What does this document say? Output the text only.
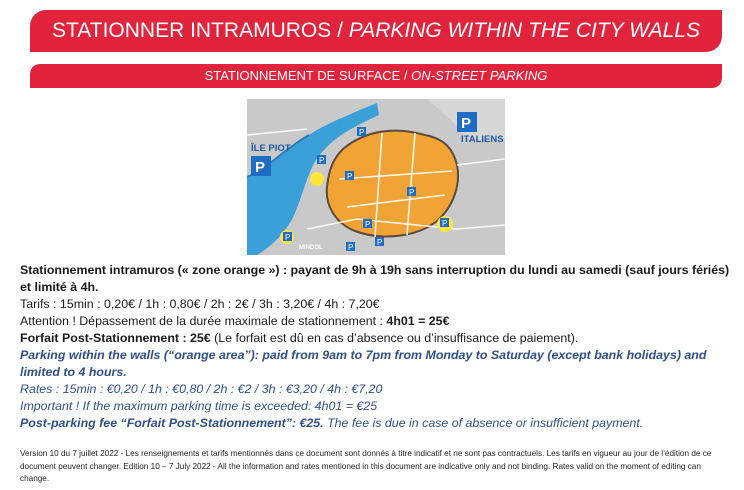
STATIONNER INTRAMUROS / PARKING WITHIN THE CITY WALLS
STATIONNEMENT DE SURFACE / ON-STREET PARKING
P
P
P
P
P
P
P
P
P
P
P
ÎLE PIOT
ITALIENS
MINDOL

Stationnement intramuros (« zone orange ») : payant de 9h à 19h sans interruption du lundi au samedi (sauf jours fériés) et limité à 4h.

Tarifs : 15min : 0,20€ / 1h : 0,80€ / 2h : 2€ / 3h : 3,20€ / 4h : 7,20€

Attention ! Dépassement de la durée maximale de stationnement : 4h01 = 25€

Forfait Post-Stationnement : 25€ (Le forfait est dû en cas d’absence ou d’insuffisance de paiement).

Parking within the walls (“orange area”): paid from 9am to 7pm from Monday to Saturday (except bank holidays) and limited to 4 hours.

Rates : 15min : €0,20 / 1h : €0,80 / 2h : €2 / 3h : €3,20 / 4h : €7,20

Important ! If the maximum parking time is exceeded: 4h01 = €25

Post-parking fee “Forfait Post-Stationnement”: €25. The fee is due in case of absence or insufficient payment.

Version 10 du 7 juillet 2022 - Les renseignements et tarifs mentionnés dans ce document sont donnés à titre indicatif et ne sont pas contractuels. Les tarifs en vigueur au jour de l’édition de ce document peuvent changer. Edition 10 – 7 July 2022 - All the information and rates mentioned in this document are indicative only and not binding. Rates valid on the moment of editing can change.
